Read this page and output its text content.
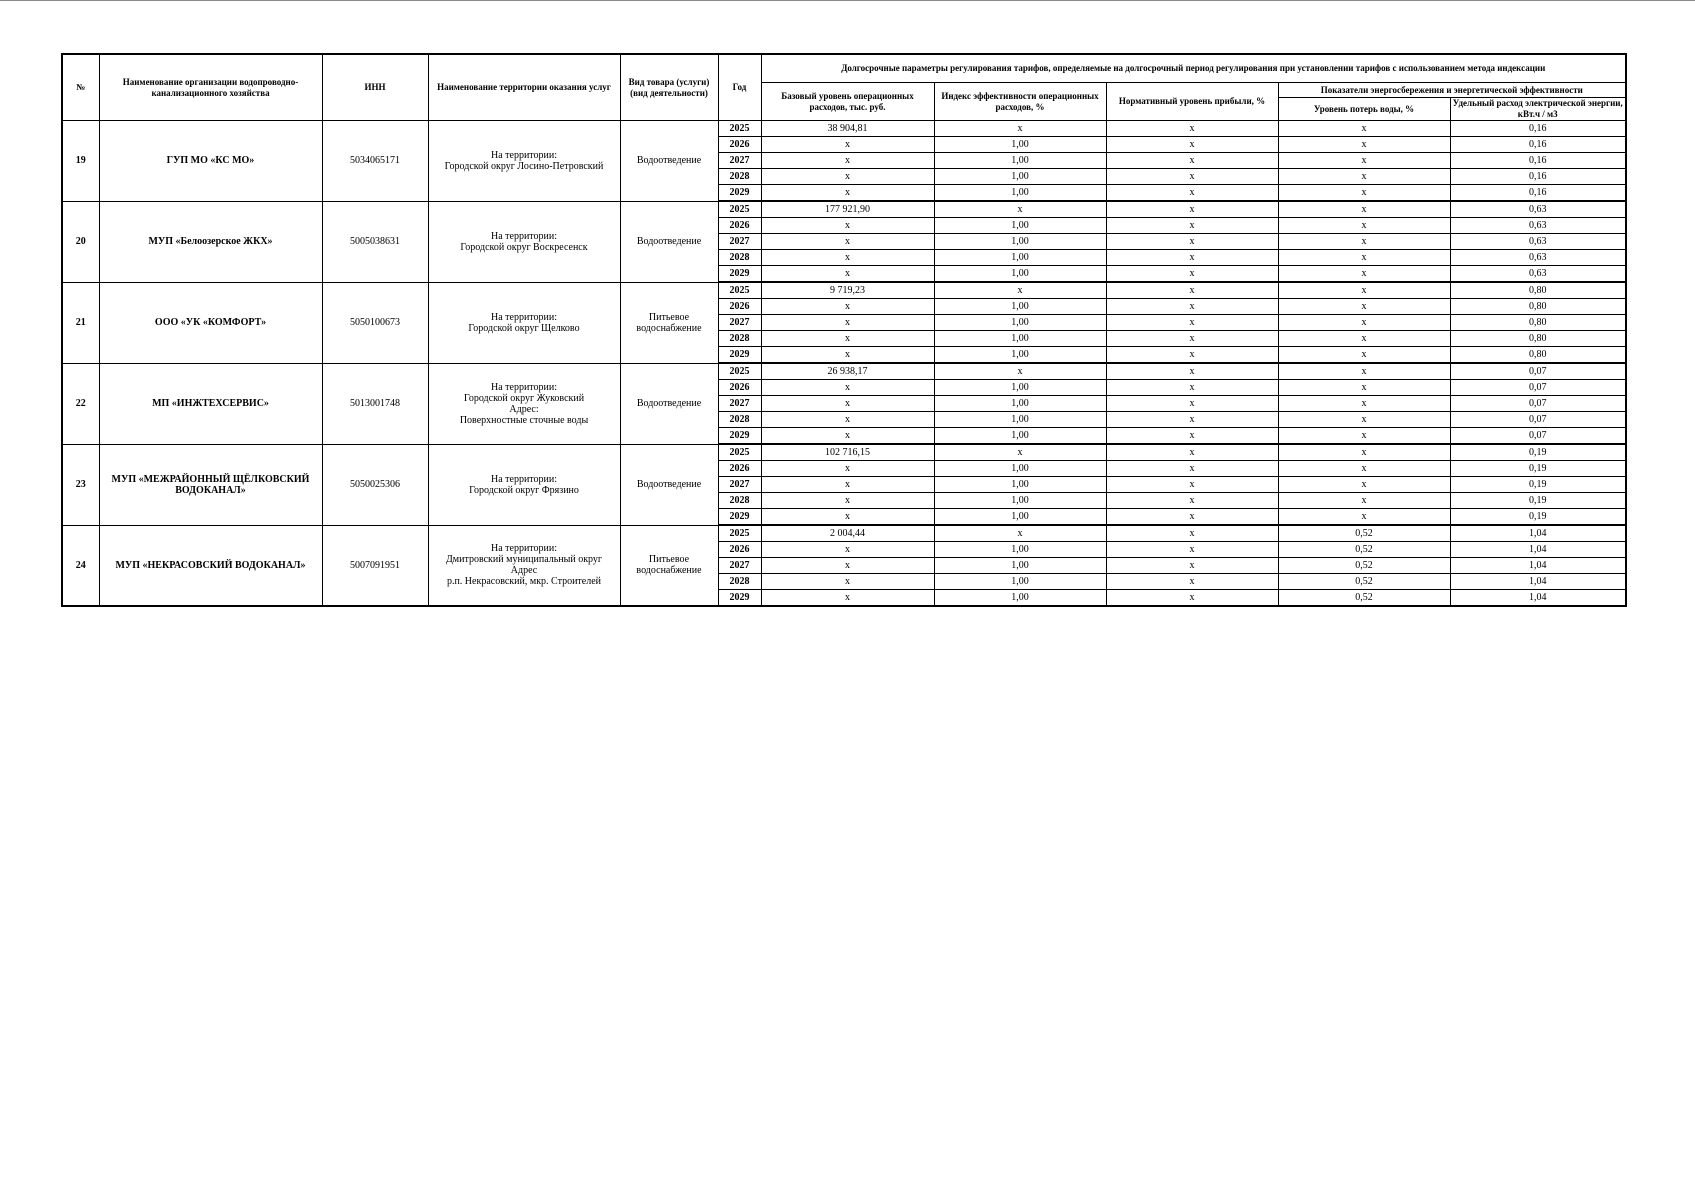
№	Наименование организации водопроводно-канализационного хозяйства	ИНН	Наименование территории оказания услуг	Вид товара (услуги) (вид деятельности)	Год	Долгосрочные параметры регулирования тарифов, определяемые на долгосрочный период регулирования при установлении тарифов с использованием метода индексации				
						Базовый уровень операционных расходов, тыс. руб.	Индекс эффективности операционных расходов, %	Нормативный уровень прибыли, %	Показатели энергосбережения и энергетической эффективности	
									Уровень потерь воды, %	Удельный расход электрической энергии, кВт.ч / м3
19	ГУП МО «КС МО»	5034065171	На территории:
Городской округ Лосино-Петровский	Водоотведение	2025	38 904,81	x	x	x	0,16
					2026	x	1,00	x	x	0,16
					2027	x	1,00	x	x	0,16
					2028	x	1,00	x	x	0,16
					2029	x	1,00	x	x	0,16
20	МУП «Белоозерское ЖКХ»	5005038631	На территории:
Городской округ Воскресенск	Водоотведение	2025	177 921,90	x	x	x	0,63
					2026	x	1,00	x	x	0,63
					2027	x	1,00	x	x	0,63
					2028	x	1,00	x	x	0,63
					2029	x	1,00	x	x	0,63
21	ООО «УК «КОМФОРТ»	5050100673	На территории:
Городской округ Щелково	Питьевое водоснабжение	2025	9 719,23	x	x	x	0,80
					2026	x	1,00	x	x	0,80
					2027	x	1,00	x	x	0,80
					2028	x	1,00	x	x	0,80
					2029	x	1,00	x	x	0,80
22	МП «ИНЖТЕХСЕРВИС»	5013001748	На территории:
Городской округ Жуковский
Адрес:
Поверхностные сточные воды	Водоотведение	2025	26 938,17	x	x	x	0,07
					2026	x	1,00	x	x	0,07
					2027	x	1,00	x	x	0,07
					2028	x	1,00	x	x	0,07
					2029	x	1,00	x	x	0,07
23	МУП «МЕЖРАЙОННЫЙ ЩЁЛКОВСКИЙ ВОДОКАНАЛ»	5050025306	На территории:
Городской округ Фрязино	Водоотведение	2025	102 716,15	x	x	x	0,19
					2026	x	1,00	x	x	0,19
					2027	x	1,00	x	x	0,19
					2028	x	1,00	x	x	0,19
					2029	x	1,00	x	x	0,19
24	МУП «НЕКРАСОВСКИЙ ВОДОКАНАЛ»	5007091951	На территории:
Дмитровский муниципальный округ
Адрес
р.п. Некрасовский, мкр. Строителей	Питьевое водоснабжение	2025	2 004,44	x	x	0,52	1,04
					2026	x	1,00	x	0,52	1,04
					2027	x	1,00	x	0,52	1,04
					2028	x	1,00	x	0,52	1,04
					2029	x	1,00	x	0,52	1,04
